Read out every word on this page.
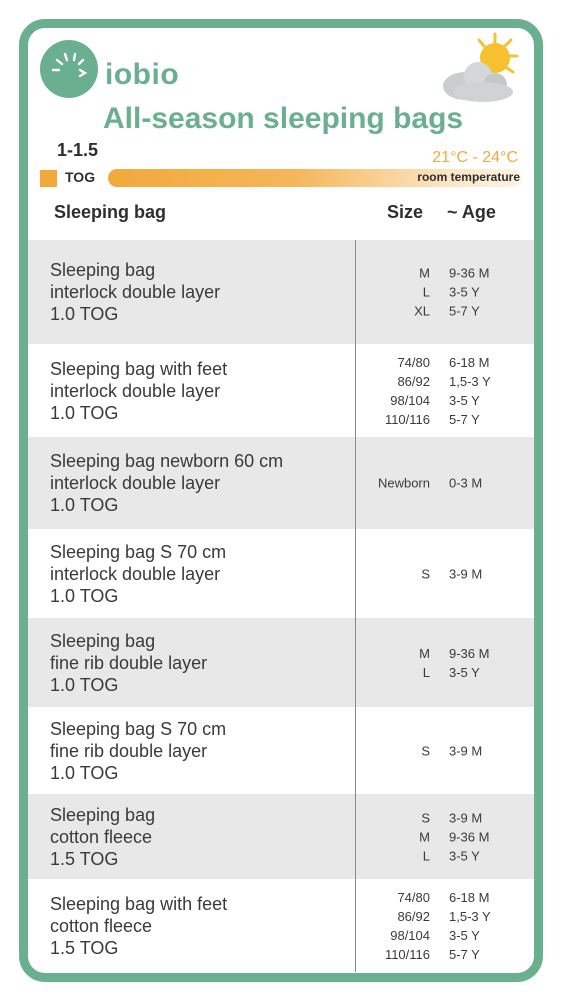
iobio
All-season sleeping bags
1-1.5
TOG
21°C - 24°C
room temperature
Sleeping bag	Size ~ Age
Sleeping bag
interlock double layer
1.0 TOG
M
L
XL
9-36 M
3-5 Y
5-7 Y
Sleeping bag with feet
interlock double layer
1.0 TOG
74/80
86/92
98/104
110/116
6-18 M
1,5-3 Y
3-5 Y
5-7 Y
Sleeping bag newborn 60 cm
interlock double layer
1.0 TOG
Newborn 0-3 M
Sleeping bag S 70 cm
interlock double layer
1.0 TOG
S 3-9 M
Sleeping bag
fine rib double layer
1.0 TOG
M
L
9-36 M
3-5 Y
Sleeping bag S 70 cm
fine rib double layer
1.0 TOG
S 3-9 M
Sleeping bag
cotton fleece
1.5 TOG
S
M
L
3-9 M
9-36 M
3-5 Y
Sleeping bag with feet
cotton fleece
1.5 TOG
74/80
86/92
98/104
110/116
6-18 M
1,5-3 Y
3-5 Y
5-7 Y
